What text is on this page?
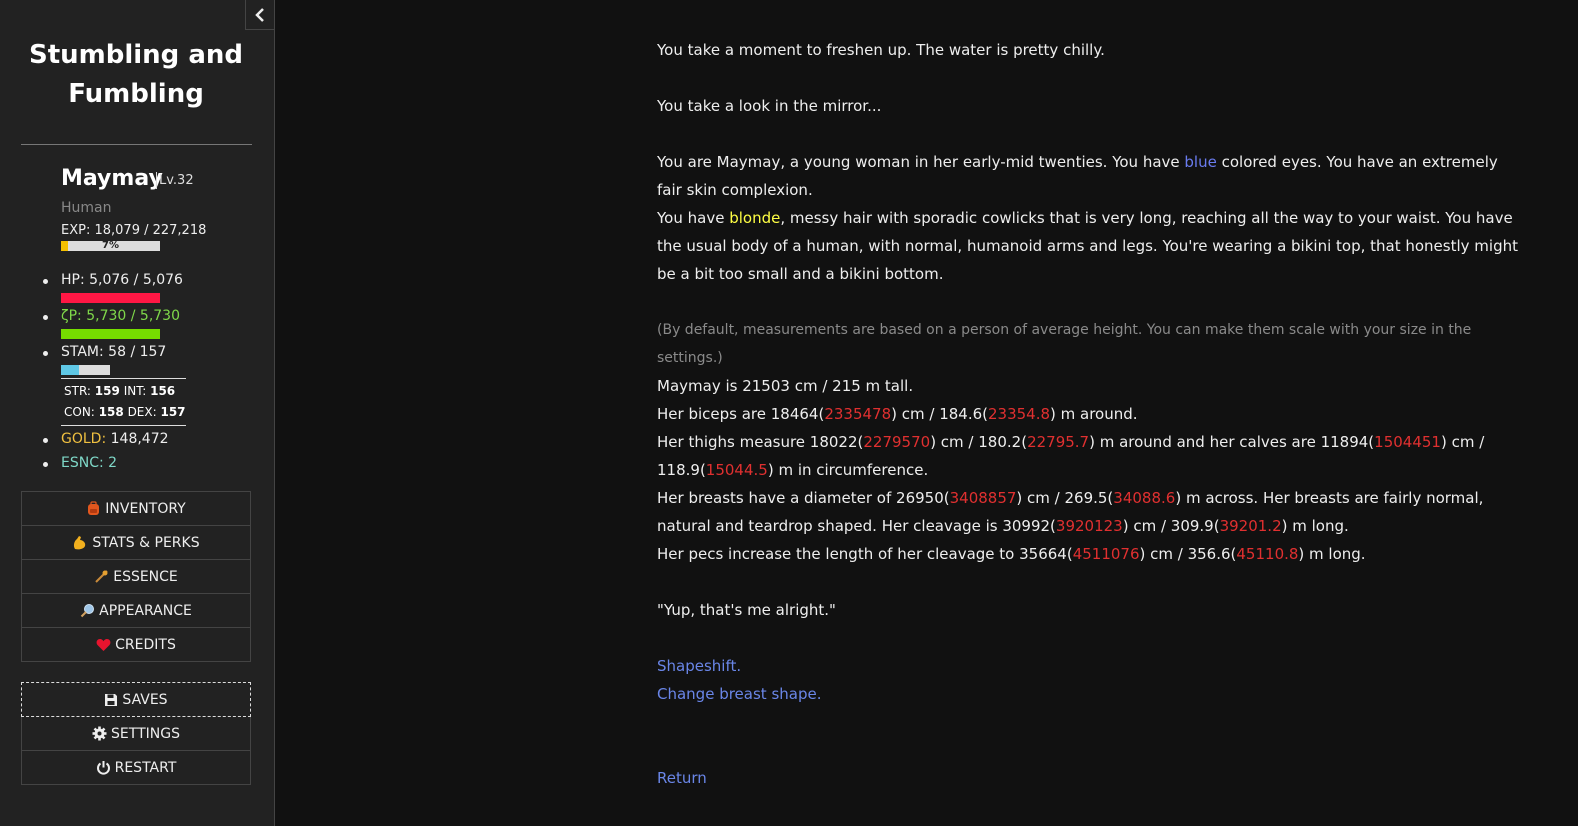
Stumbling and Fumbling
Maymay
Lv.32
Human
EXP: 18,079 / 227,218
7%
HP: 5,076 / 5,076
ζP: 5,730 / 5,730
STAM: 58 / 157
STR: 159 INT: 156
CON: 158 DEX: 157
GOLD: 148,472
ESNC: 2
INVENTORY
STATS & PERKS
ESSENCE
APPEARANCE
CREDITS
SAVES
SETTINGS
RESTART

You take a moment to freshen up. The water is pretty chilly.

You take a look in the mirror...

You are Maymay, a young woman in her early-mid twenties. You have blue colored eyes. You have an extremely fair skin complexion.

You have blonde, messy hair with sporadic cowlicks that is very long, reaching all the way to your waist. You have the usual body of a human, with normal, humanoid arms and legs. You're wearing a bikini top, that honestly might be a bit too small and a bikini bottom.

(By default, measurements are based on a person of average height. You can make them scale with your size in the settings.)

Maymay is 21503 cm / 215 m tall.

Her biceps are 18464(2335478) cm / 184.6(23354.8) m around.

Her thighs measure 18022(2279570) cm / 180.2(22795.7) m around and her calves are 11894(1504451) cm / 118.9(15044.5) m in circumference.

Her breasts have a diameter of 26950(3408857) cm / 269.5(34088.6) m across. Her breasts are fairly normal, natural and teardrop shaped. Her cleavage is 30992(3920123) cm / 309.9(39201.2) m long.

Her pecs increase the length of her cleavage to 35664(4511076) cm / 356.6(45110.8) m long.

"Yup, that's me alright."

Shapeshift.

Change breast shape.

Return
